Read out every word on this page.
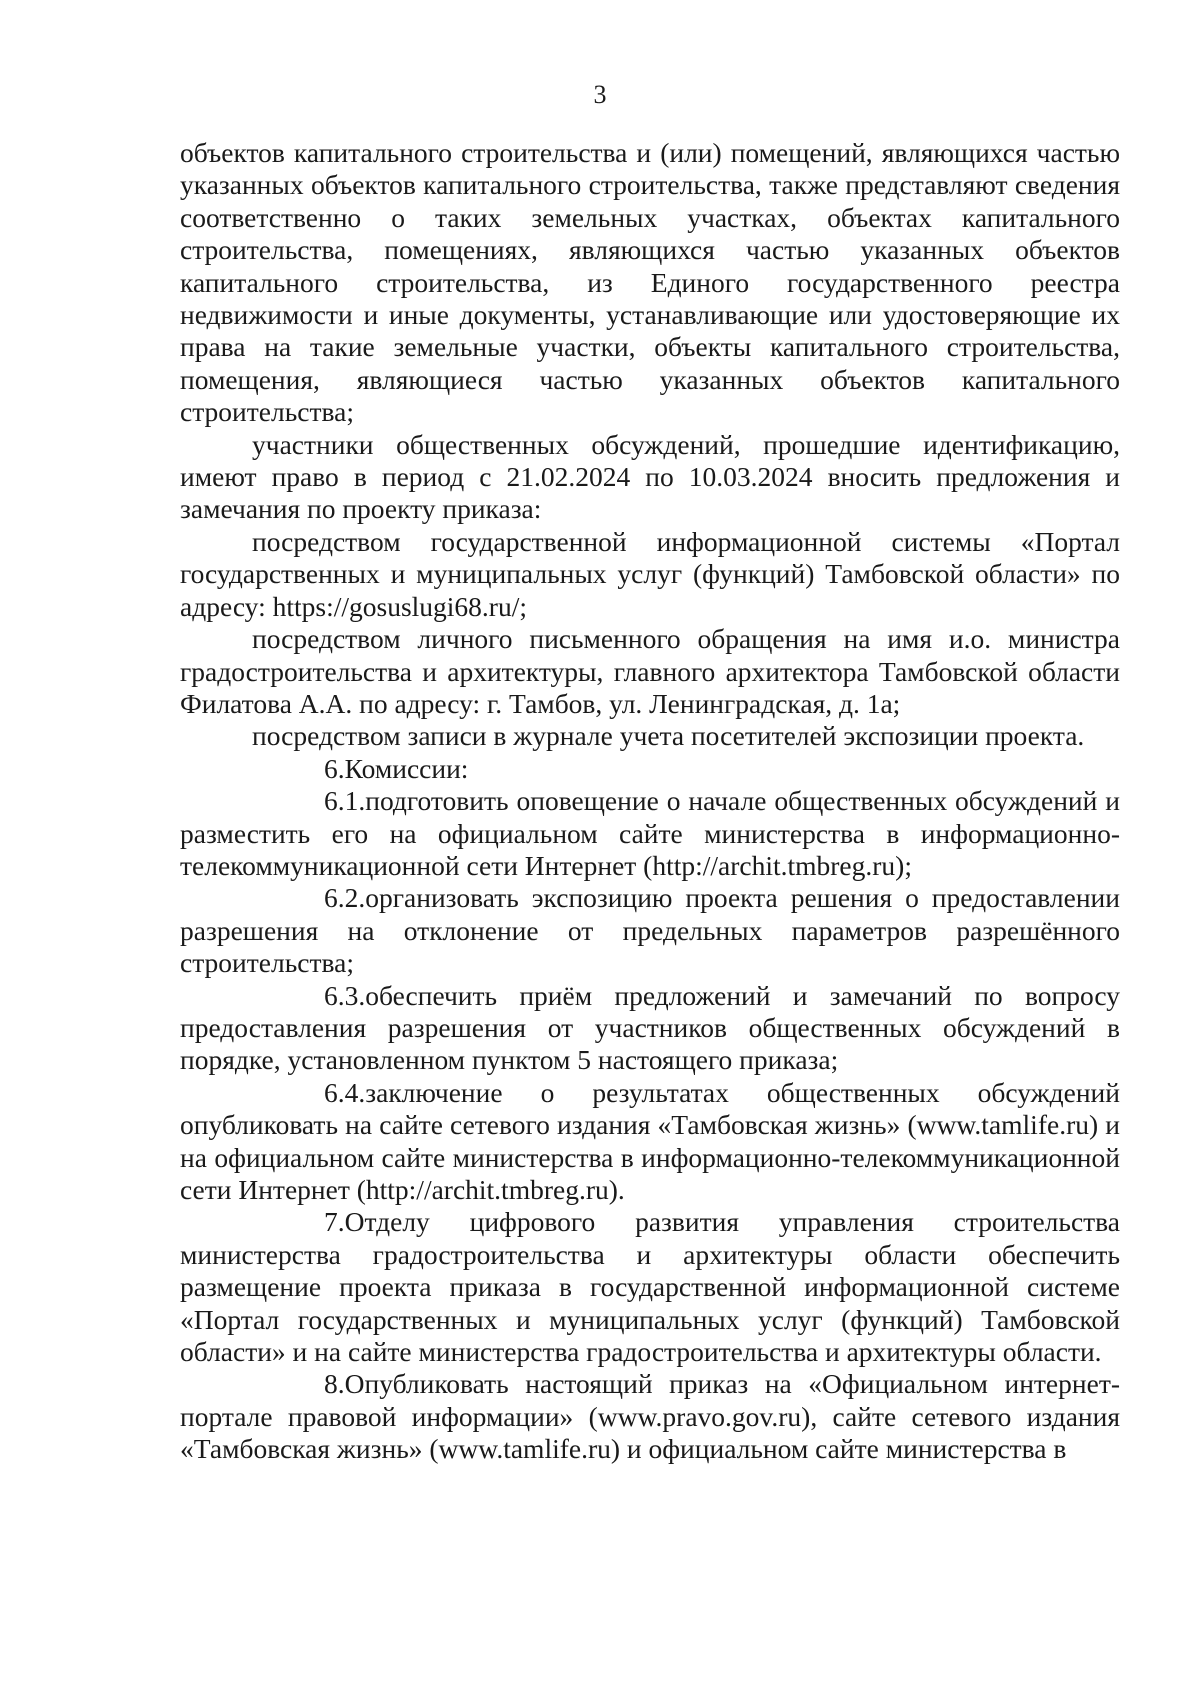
3

объектов капитального строительства и (или) помещений, являющихся частью указанных объектов капитального строительства, также представляют сведения соответственно о таких земельных участках, объектах капитального строительства, помещениях, являющихся частью указанных объектов капитального строительства, из Единого государственного реестра недвижимости и иные документы, устанавливающие или удостоверяющие их права на такие земельные участки, объекты капитального строительства, помещения, являющиеся частью указанных объектов капитального строительства;

участники общественных обсуждений, прошедшие идентификацию, имеют право в период с 21.02.2024 по 10.03.2024 вносить предложения и замечания по проекту приказа:

посредством государственной информационной системы «Портал государственных и муниципальных услуг (функций) Тамбовской области» по адресу: https://gosuslugi68.ru/;

посредством личного письменного обращения на имя и.о. министра градостроительства и архитектуры, главного архитектора Тамбовской области Филатова А.А. по адресу: г. Тамбов, ул. Ленинградская, д. 1а;

посредством записи в журнале учета посетителей экспозиции проекта.

6.Комиссии:

6.1.подготовить оповещение о начале общественных обсуждений и разместить его на официальном сайте министерства в информационно-телекоммуникационной сети Интернет (http://archit.tmbreg.ru);

6.2.организовать экспозицию проекта решения о предоставлении разрешения на отклонение от предельных параметров разрешённого строительства;

6.3.обеспечить приём предложений и замечаний по вопросу предоставления разрешения от участников общественных обсуждений в порядке, установленном пунктом 5 настоящего приказа;

6.4.заключение о результатах общественных обсуждений опубликовать на сайте сетевого издания «Тамбовская жизнь» (www.tamlife.ru) и на официальном сайте министерства в информационно-телекоммуникационной сети Интернет (http://archit.tmbreg.ru).

7.Отделу цифрового развития управления строительства министерства градостроительства и архитектуры области обеспечить размещение проекта приказа в государственной информационной системе «Портал государственных и муниципальных услуг (функций) Тамбовской области» и на сайте министерства градостроительства и архитектуры области.

8.Опубликовать настоящий приказ на «Официальном интернет-портале правовой информации» (www.pravo.gov.ru), сайте сетевого издания «Тамбовская жизнь» (www.tamlife.ru) и официальном сайте министерства в
